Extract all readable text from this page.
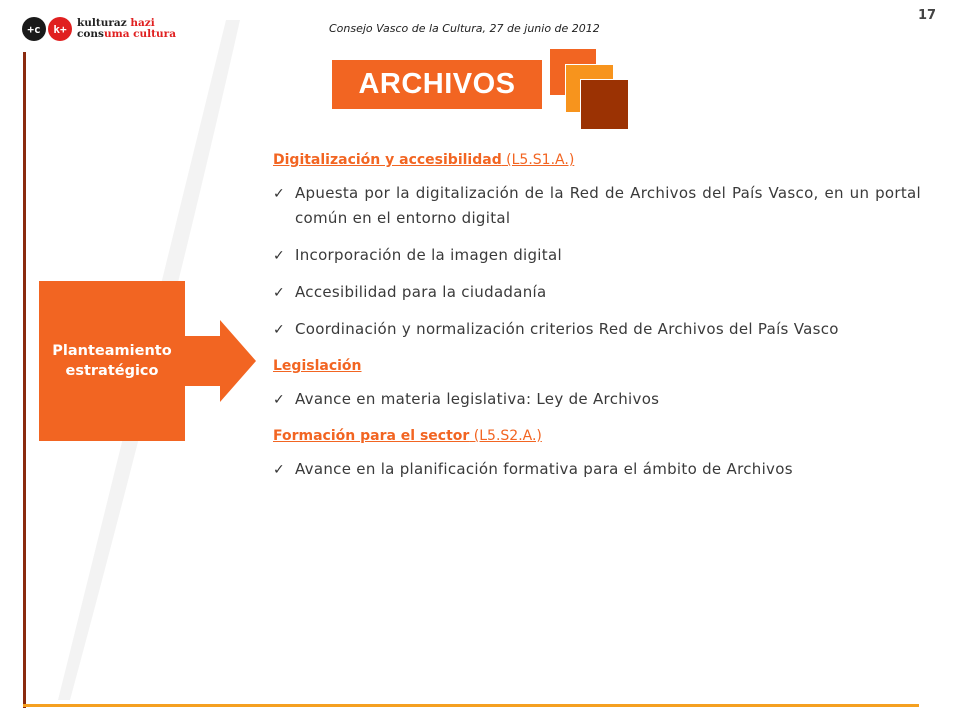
+c	k+ kulturaz hazi
consuma cultura	Consejo Vasco de la Cultura, 27 de junio de 2012
17
ARCHIVOS
Planteamiento
estratégico

Digitalización y accesibilidad (L5.S1.A.)

✓ Apuesta por la digitalización de la Red de Archivos del País Vasco, en un portal común en el entorno digital
✓ Incorporación de la imagen digital
✓ Accesibilidad para la ciudadanía
✓ Coordinación y normalización criterios Red de Archivos del País Vasco

Legislación

✓ Avance en materia legislativa: Ley de Archivos

Formación para el sector (L5.S2.A.)

✓ Avance en la planificación formativa para el ámbito de Archivos
